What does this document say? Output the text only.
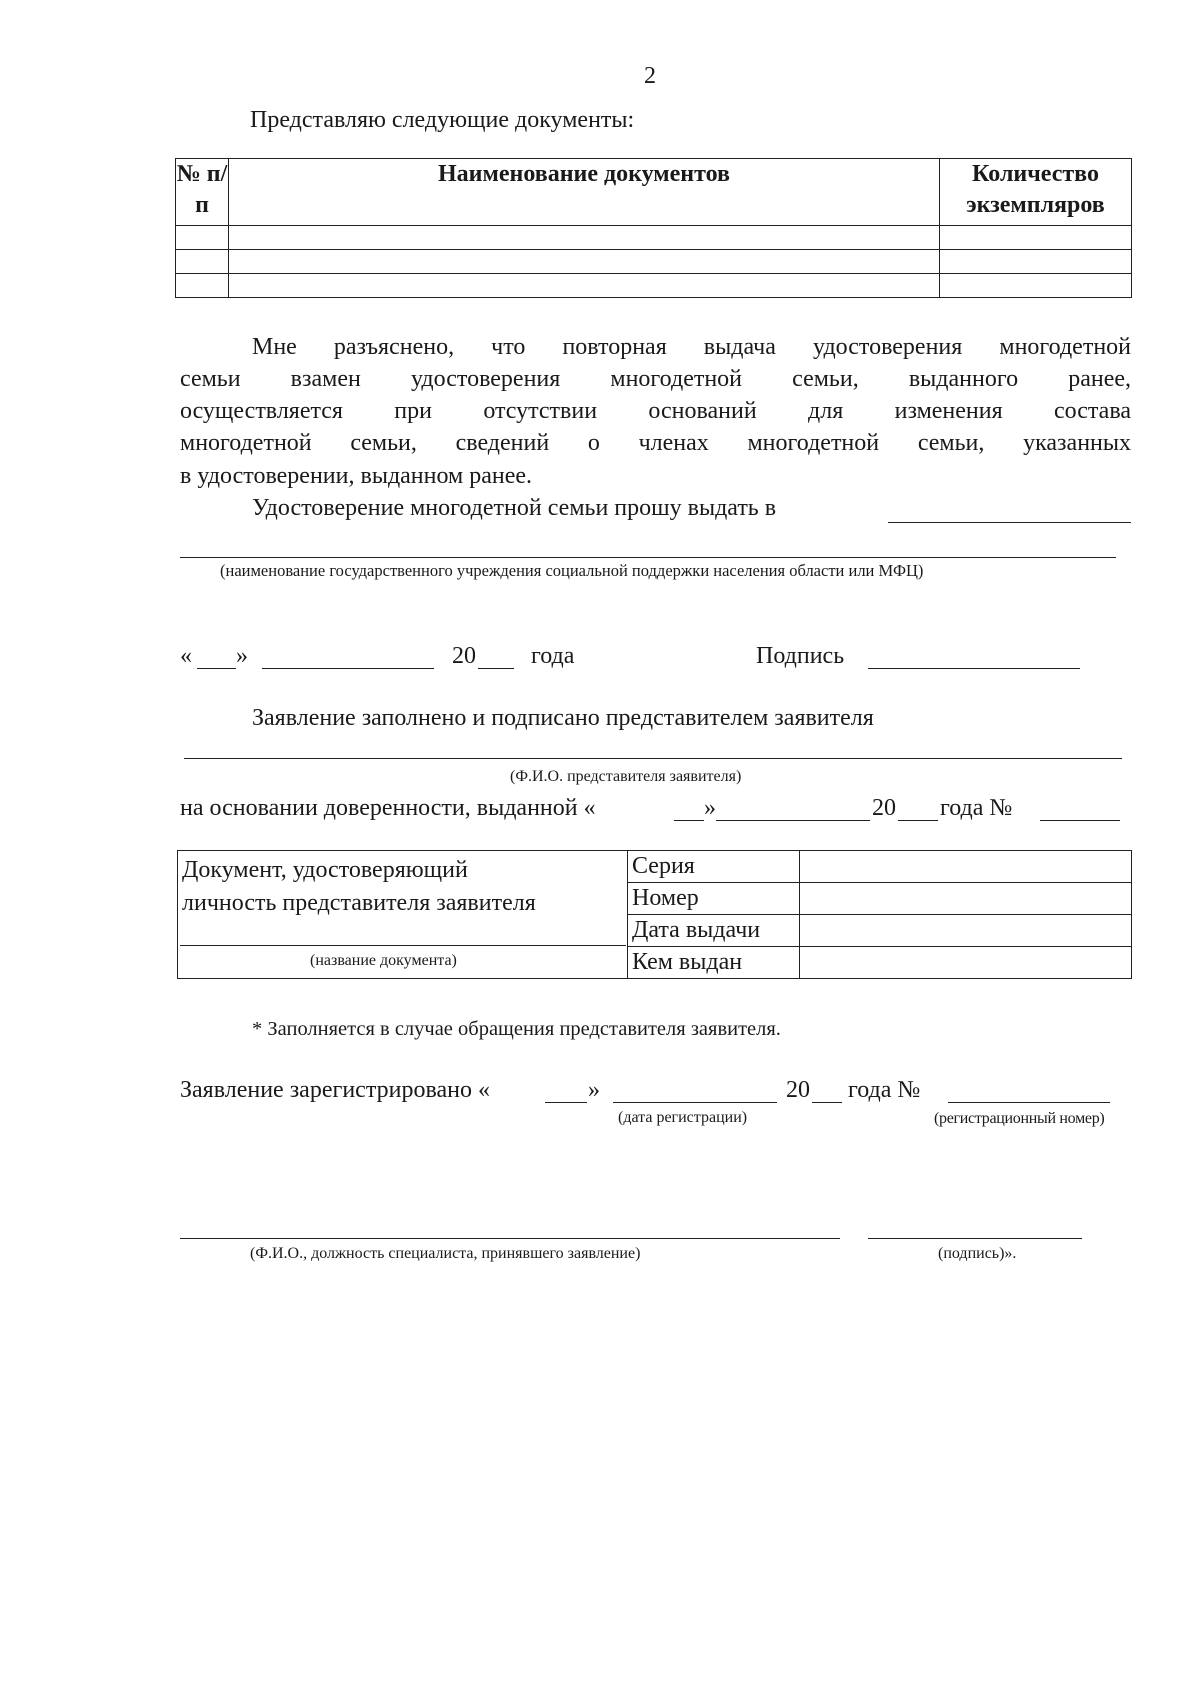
2
Представляю следующие документы:
№ п/п	Наименование документов	Количество экземпляров

Мне разъяснено, что повторная выдача удостоверения многодетной
семьи взамен удостоверения многодетной семьи, выданного ранее,
осуществляется при отсутствии оснований для изменения состава
многодетной семьи, сведений о членах многодетной семьи, указанных
в удостоверении, выданном ранее.
Удостоверение многодетной семьи прошу выдать в
(наименование государственного учреждения социальной поддержки населения области или МФЦ)
« »	20 года	Подпись
Заявление заполнено и подписано представителем заявителя
(Ф.И.О. представителя заявителя)
на основании доверенности, выданной «	»	20 года №
Документ, удостоверяющий
личность представителя заявителя
(название документа)	Серия	
	Номер	
	Дата выдачи	
	Кем выдан	
* Заполняется в случае обращения представителя заявителя.
Заявление зарегистрировано «	»	20 года №
(дата регистрации)	(регистрационный номер)
(Ф.И.О., должность специалиста, принявшего заявление)	(подпись)».
